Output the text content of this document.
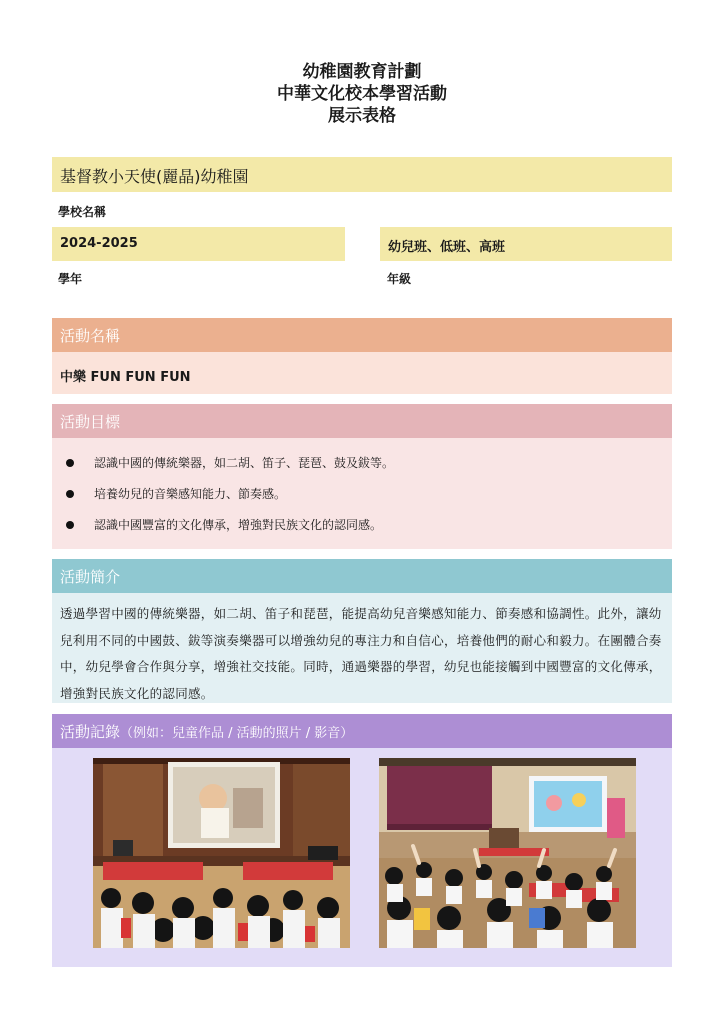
幼稚園教育計劃
中華文化校本學習活動
展示表格
基督教小天使(麗晶)幼稚園
學校名稱
2024-2025
學年
幼兒班、低班、高班
年級
活動名稱
中樂 FUN FUN FUN
活動目標
認識中國的傳統樂器，如二胡、笛子、琵琶、鼓及鈸等。
培養幼兒的音樂感知能力、節奏感。
認識中國豐富的文化傳承，增強對民族文化的認同感。
活動簡介
透過學習中國的傳統樂器，如二胡、笛子和琵琶，能提高幼兒音樂感知能力、節奏感和協調性。此外，讓幼兒利用不同的中國鼓、鈸等演奏樂器可以增強幼兒的專注力和自信心，培養他們的耐心和毅力。在團體合奏中，幼兒學會合作與分享，增強社交技能。同時，通過樂器的學習，幼兒也能接觸到中國豐富的文化傳承，增強對民族文化的認同感。
活動記錄（例如：兒童作品 / 活動的照片 / 影音）
